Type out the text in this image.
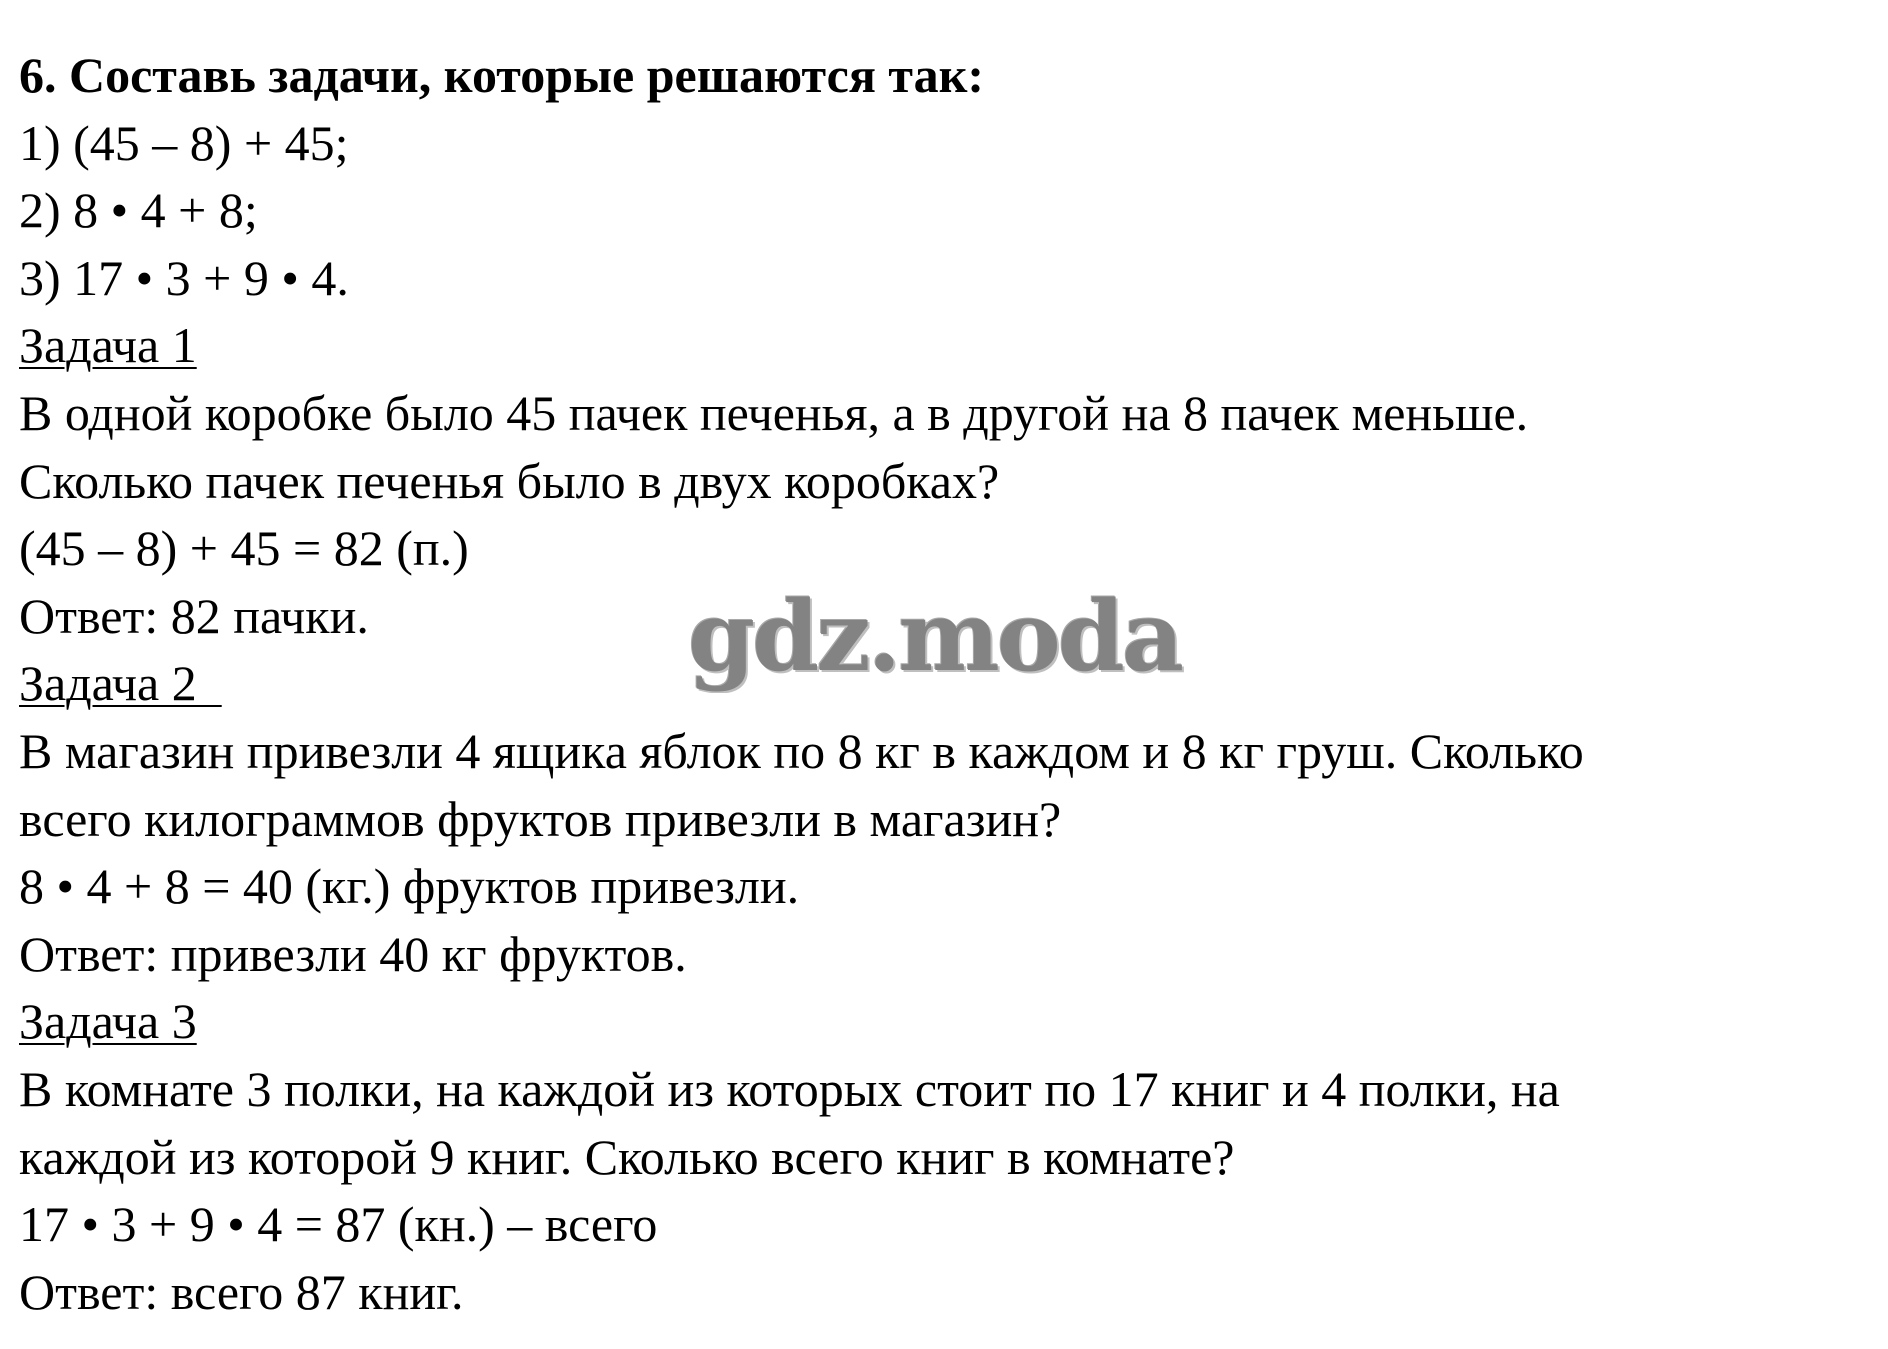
6. Составь задачи, которые решаются так:
1) (45 – 8) + 45;
2) 8 • 4 + 8;
3) 17 • 3 + 9 • 4.
Задача 1
В одной коробке было 45 пачек печенья, а в другой на 8 пачек меньше.
Сколько пачек печенья было в двух коробках?
(45 – 8) + 45 = 82 (п.)
Ответ: 82 пачки.
Задача 2
В магазин привезли 4 ящика яблок по 8 кг в каждом и 8 кг груш. Сколько
всего килограммов фруктов привезли в магазин?
8 • 4 + 8 = 40 (кг.) фруктов привезли.
Ответ: привезли 40 кг фруктов.
Задача 3
В комнате 3 полки, на каждой из которых стоит по 17 книг и 4 полки, на
каждой из которой 9 книг. Сколько всего книг в комнате?
17 • 3 + 9 • 4 = 87 (кн.) – всего
Ответ: всего 87 книг.
gdz.moda
